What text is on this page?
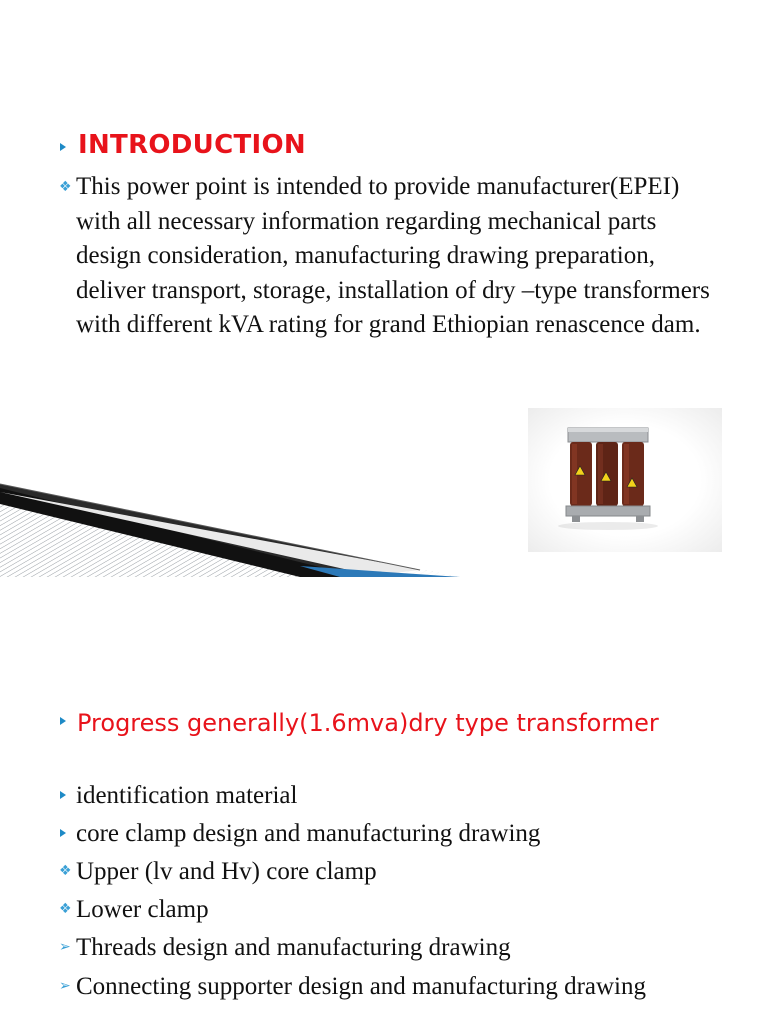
INTRODUCTION
❖ This power point is intended to provide manufacturer(EPEI) with all necessary information regarding mechanical parts design consideration, manufacturing drawing preparation, deliver transport, storage, installation of dry –type transformers with different kVA rating for grand Ethiopian renascence dam.
Progress generally(1.6mva)dry type transformer
identification material
core clamp design and manufacturing drawing
❖ Upper (lv and Hv) core clamp
❖ Lower clamp
➢ Threads design and manufacturing drawing
➢ Connecting supporter design and manufacturing drawing
